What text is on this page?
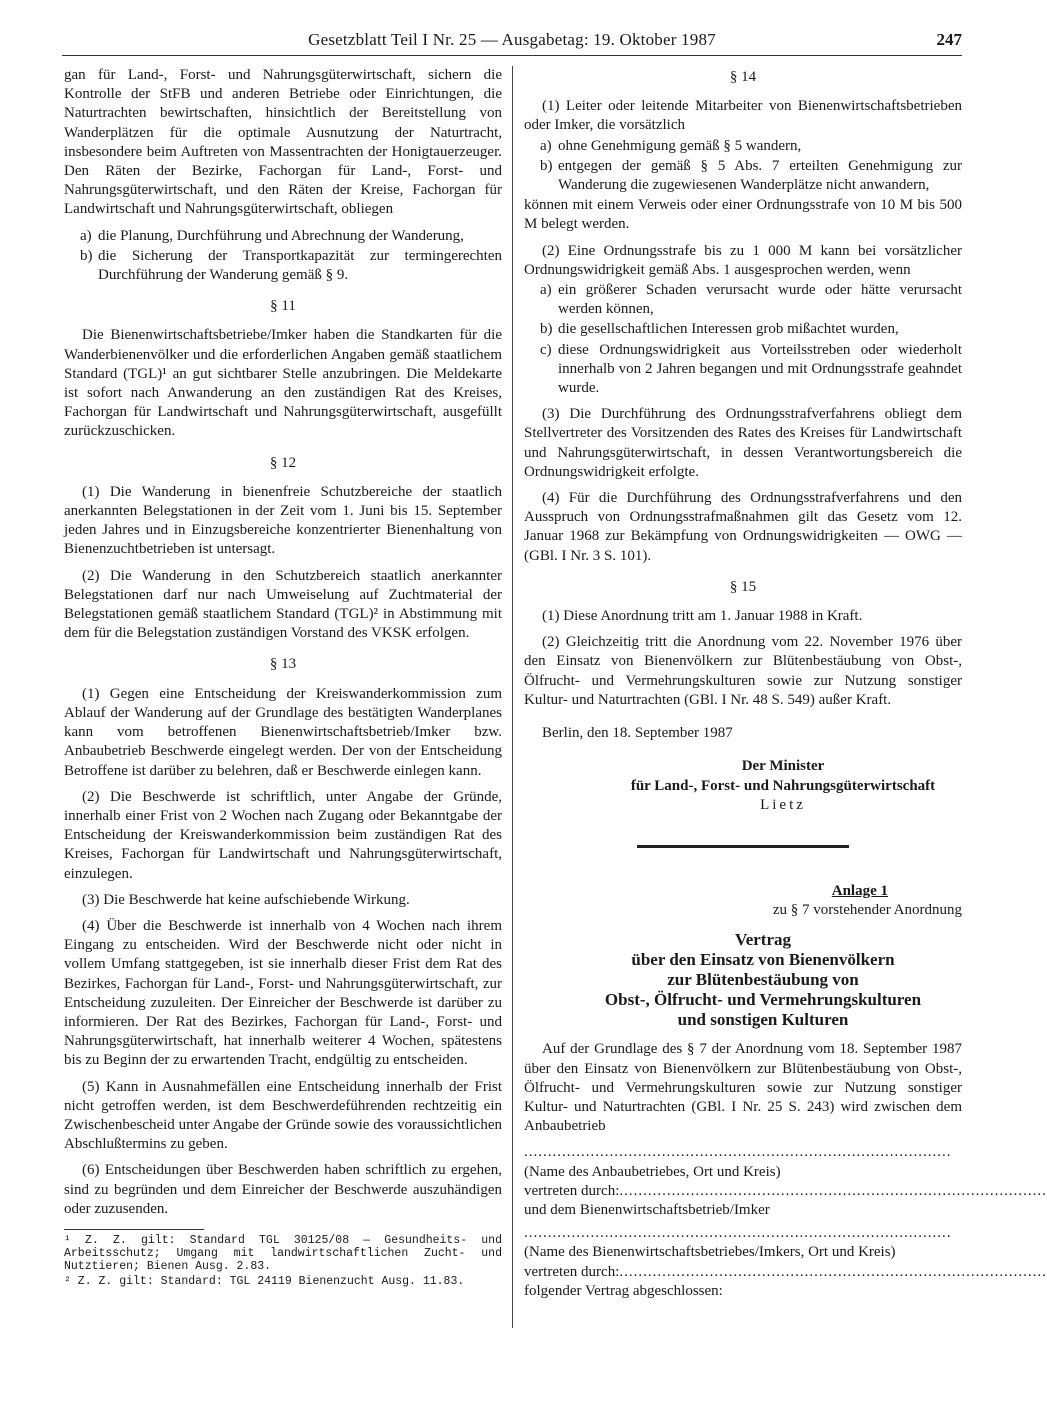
Gesetzblatt Teil I Nr. 25 — Ausgabetag: 19. Oktober 1987	247

gan für Land-, Forst- und Nahrungsgüterwirtschaft, sichern die Kontrolle der StFB und anderen Betriebe oder Einrichtungen, die Naturtrachten bewirtschaften, hinsichtlich der Bereitstellung von Wanderplätzen für die optimale Ausnutzung der Naturtracht, insbesondere beim Auftreten von Massentrachten der Honigtauerzeuger. Den Räten der Bezirke, Fachorgan für Land-, Forst- und Nahrungsgüterwirtschaft, und den Räten der Kreise, Fachorgan für Landwirtschaft und Nahrungsgüterwirtschaft, obliegen

a) die Planung, Durchführung und Abrechnung der Wanderung,
b) die Sicherung der Transportkapazität zur termingerechten Durchführung der Wanderung gemäß § 9.
§ 11

Die Bienenwirtschaftsbetriebe/Imker haben die Standkarten für die Wanderbienenvölker und die erforderlichen Angaben gemäß staatlichem Standard (TGL)¹ an gut sichtbarer Stelle anzubringen. Die Meldekarte ist sofort nach Anwanderung an den zuständigen Rat des Kreises, Fachorgan für Landwirtschaft und Nahrungsgüterwirtschaft, ausgefüllt zurückzuschicken.

§ 12

(1) Die Wanderung in bienenfreie Schutzbereiche der staatlich anerkannten Belegstationen in der Zeit vom 1. Juni bis 15. September jeden Jahres und in Einzugsbereiche konzentrierter Bienenhaltung von Bienenzuchtbetrieben ist untersagt.

(2) Die Wanderung in den Schutzbereich staatlich anerkannter Belegstationen darf nur nach Umweiselung auf Zuchtmaterial der Belegstationen gemäß staatlichem Standard (TGL)² in Abstimmung mit dem für die Belegstation zuständigen Vorstand des VKSK erfolgen.

§ 13

(1) Gegen eine Entscheidung der Kreiswanderkommission zum Ablauf der Wanderung auf der Grundlage des bestätigten Wanderplanes kann vom betroffenen Bienenwirtschaftsbetrieb/Imker bzw. Anbaubetrieb Beschwerde eingelegt werden. Der von der Entscheidung Betroffene ist darüber zu belehren, daß er Beschwerde einlegen kann.

(2) Die Beschwerde ist schriftlich, unter Angabe der Gründe, innerhalb einer Frist von 2 Wochen nach Zugang oder Bekanntgabe der Entscheidung der Kreiswanderkommission beim zuständigen Rat des Kreises, Fachorgan für Landwirtschaft und Nahrungsgüterwirtschaft, einzulegen.

(3) Die Beschwerde hat keine aufschiebende Wirkung.

(4) Über die Beschwerde ist innerhalb von 4 Wochen nach ihrem Eingang zu entscheiden. Wird der Beschwerde nicht oder nicht in vollem Umfang stattgegeben, ist sie innerhalb dieser Frist dem Rat des Bezirkes, Fachorgan für Land-, Forst- und Nahrungsgüterwirtschaft, zur Entscheidung zuzuleiten. Der Einreicher der Beschwerde ist darüber zu informieren. Der Rat des Bezirkes, Fachorgan für Land-, Forst- und Nahrungsgüterwirtschaft, hat innerhalb weiterer 4 Wochen, spätestens bis zu Beginn der zu erwartenden Tracht, endgültig zu entscheiden.

(5) Kann in Ausnahmefällen eine Entscheidung innerhalb der Frist nicht getroffen werden, ist dem Beschwerdeführenden rechtzeitig ein Zwischenbescheid unter Angabe der Gründe sowie des voraussichtlichen Abschlußtermins zu geben.

(6) Entscheidungen über Beschwerden haben schriftlich zu ergehen, sind zu begründen und dem Einreicher der Beschwerde auszuhändigen oder zuzusenden.

¹ Z. Z. gilt: Standard TGL 30125/08 — Gesundheits- und Arbeitsschutz; Umgang mit landwirtschaftlichen Zucht- und Nutztieren; Bienen Ausg. 2.83.
² Z. Z. gilt: Standard: TGL 24119 Bienenzucht Ausg. 11.83.
§ 14

(1) Leiter oder leitende Mitarbeiter von Bienenwirtschaftsbetrieben oder Imker, die vorsätzlich

a) ohne Genehmigung gemäß § 5 wandern,
b) entgegen der gemäß § 5 Abs. 7 erteilten Genehmigung zur Wanderung die zugewiesenen Wanderplätze nicht anwandern,

können mit einem Verweis oder einer Ordnungsstrafe von 10 M bis 500 M belegt werden.

(2) Eine Ordnungsstrafe bis zu 1 000 M kann bei vorsätzlicher Ordnungswidrigkeit gemäß Abs. 1 ausgesprochen werden, wenn

a) ein größerer Schaden verursacht wurde oder hätte verursacht werden können,
b) die gesellschaftlichen Interessen grob mißachtet wurden,
c) diese Ordnungswidrigkeit aus Vorteilsstreben oder wiederholt innerhalb von 2 Jahren begangen und mit Ordnungsstrafe geahndet wurde.

(3) Die Durchführung des Ordnungsstrafverfahrens obliegt dem Stellvertreter des Vorsitzenden des Rates des Kreises für Landwirtschaft und Nahrungsgüterwirtschaft, in dessen Verantwortungsbereich die Ordnungswidrigkeit erfolgte.

(4) Für die Durchführung des Ordnungsstrafverfahrens und den Ausspruch von Ordnungsstrafmaßnahmen gilt das Gesetz vom 12. Januar 1968 zur Bekämpfung von Ordnungswidrigkeiten — OWG — (GBl. I Nr. 3 S. 101).

§ 15

(1) Diese Anordnung tritt am 1. Januar 1988 in Kraft.

(2) Gleichzeitig tritt die Anordnung vom 22. November 1976 über den Einsatz von Bienenvölkern zur Blütenbestäubung von Obst-, Ölfrucht- und Vermehrungskulturen sowie zur Nutzung sonstiger Kultur- und Naturtrachten (GBl. I Nr. 48 S. 549) außer Kraft.

Berlin, den 18. September 1987

Der Minister
für Land-, Forst- und Nahrungsgüterwirtschaft
Lietz
Anlage 1
zu § 7 vorstehender Anordnung
Vertrag
über den Einsatz von Bienenvölkern
zur Blütenbestäubung von
Obst-, Ölfrucht- und Vermehrungskulturen
und sonstigen Kulturen

Auf der Grundlage des § 7 der Anordnung vom 18. September 1987 über den Einsatz von Bienenvölkern zur Blütenbestäubung von Obst-, Ölfrucht- und Vermehrungskulturen sowie zur Nutzung sonstiger Kultur- und Naturtrachten (GBl. I Nr. 25 S. 243) wird zwischen dem Anbaubetrieb

..........................................................................................
(Name des Anbaubetriebes, Ort und Kreis)
vertreten durch: ..........................................................................................
und dem Bienenwirtschaftsbetrieb/Imker
..........................................................................................
(Name des Bienenwirtschaftsbetriebes/Imkers, Ort und Kreis)
vertreten durch: ..........................................................................................
folgender Vertrag abgeschlossen:
